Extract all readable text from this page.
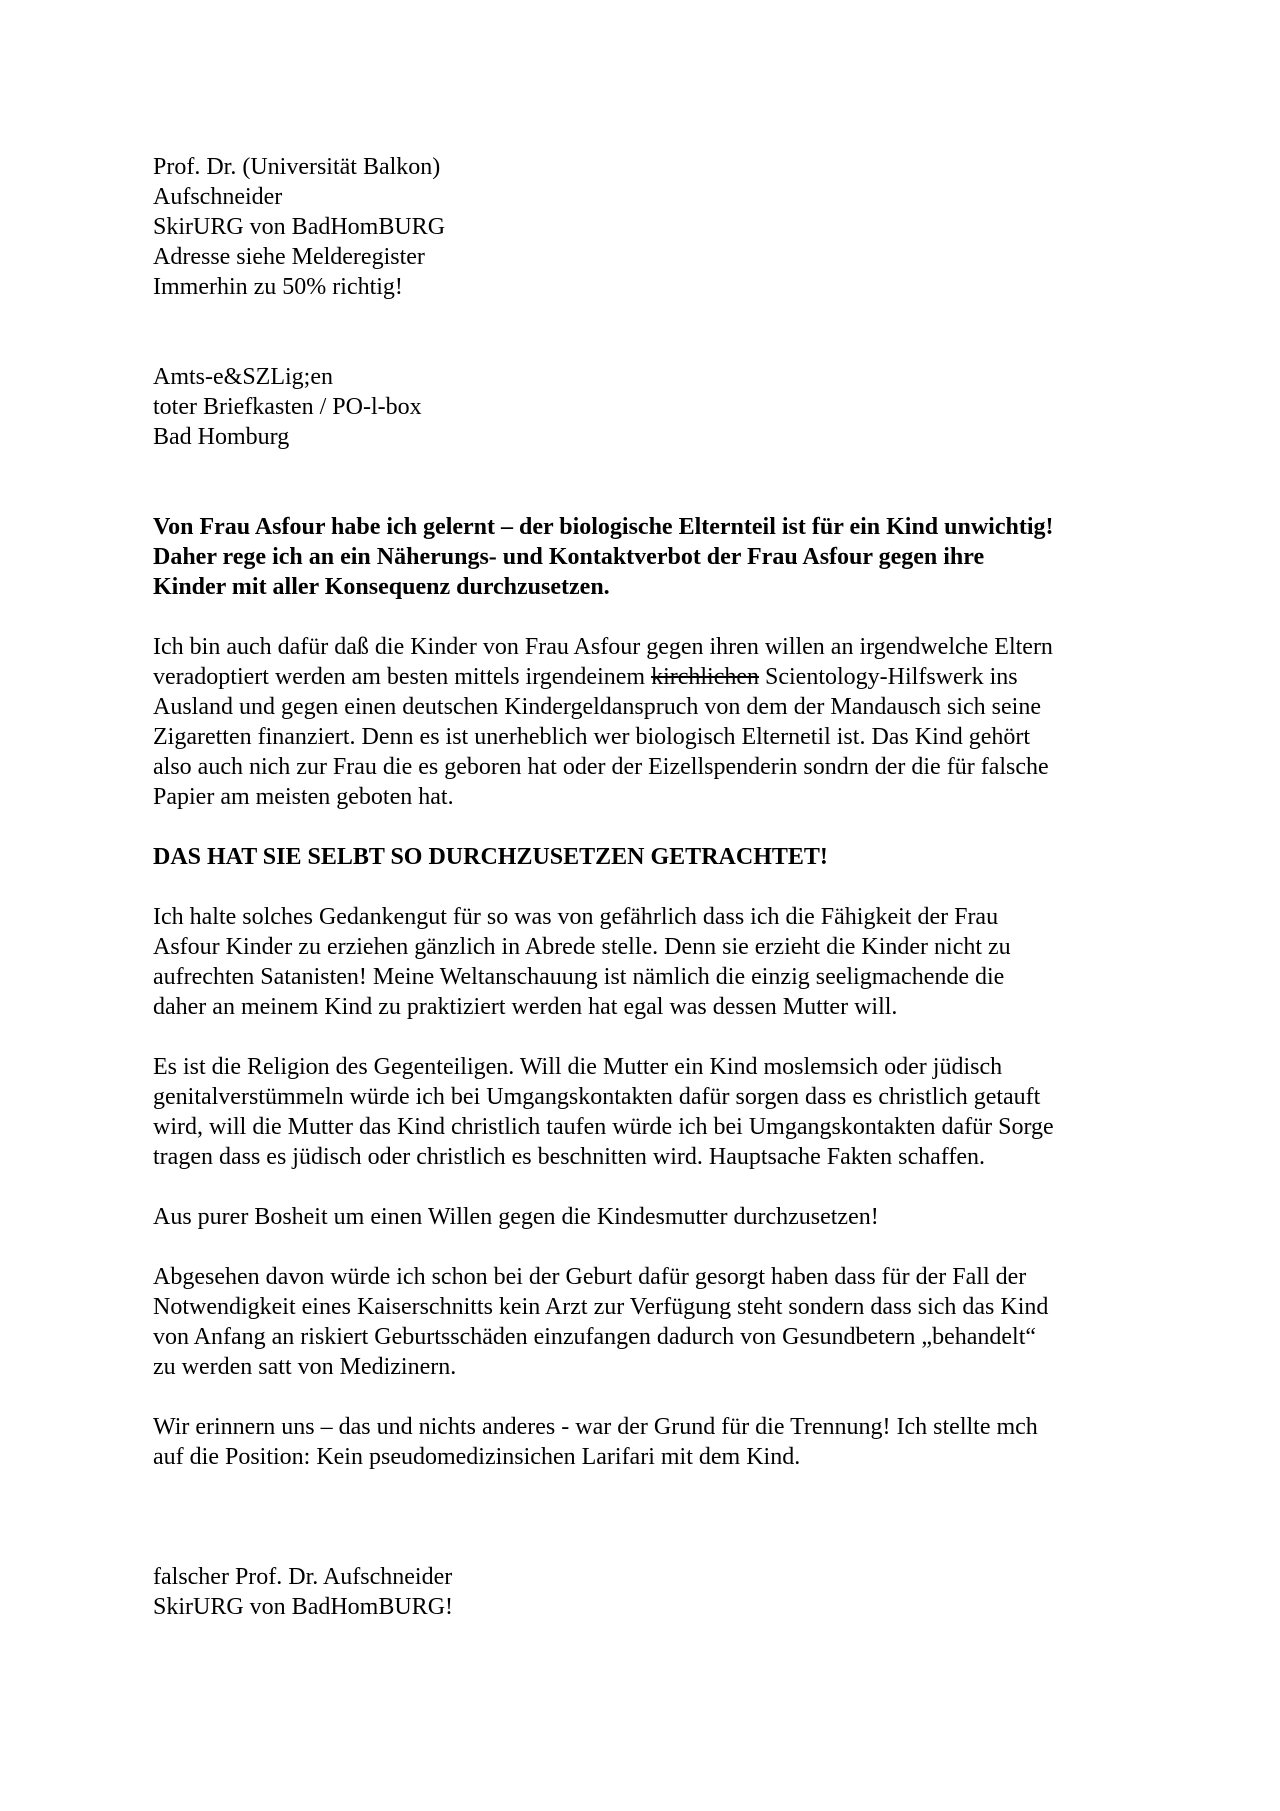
Prof. Dr. (Universität Balkon)
Aufschneider
SkirURG von BadHomBURG
Adresse siehe Melderegister
Immerhin zu 50% richtig!
Amts-e&SZLig;en
toter Briefkasten / PO-l-box
Bad Homburg
Von Frau Asfour habe ich gelernt – der biologische Elternteil ist für ein Kind unwichtig!
Daher rege ich an ein Näherungs- und Kontaktverbot der Frau Asfour gegen ihre
Kinder mit aller Konsequenz durchzusetzen.
Ich bin auch dafür daß die Kinder von Frau Asfour gegen ihren willen an irgendwelche Eltern
veradoptiert werden am besten mittels irgendeinem kirchlichen Scientology-Hilfswerk ins
Ausland und gegen einen deutschen Kindergeldanspruch von dem der Mandausch sich seine
Zigaretten finanziert. Denn es ist unerheblich wer biologisch Elternetil ist. Das Kind gehört
also auch nich zur Frau die es geboren hat oder der Eizellspenderin sondrn der die für falsche
Papier am meisten geboten hat.
DAS HAT SIE SELBT SO DURCHZUSETZEN GETRACHTET!
Ich halte solches Gedankengut für so was von gefährlich dass ich die Fähigkeit der Frau
Asfour Kinder zu erziehen gänzlich in Abrede stelle. Denn sie erzieht die Kinder nicht zu
aufrechten Satanisten! Meine Weltanschauung ist nämlich die einzig seeligmachende die
daher an meinem Kind zu praktiziert werden hat egal was dessen Mutter will.
Es ist die Religion des Gegenteiligen. Will die Mutter ein Kind moslemsich oder jüdisch
genitalverstümmeln würde ich bei Umgangskontakten dafür sorgen dass es christlich getauft
wird, will die Mutter das Kind christlich taufen würde ich bei Umgangskontakten dafür Sorge
tragen dass es jüdisch oder christlich es beschnitten wird. Hauptsache Fakten schaffen.
Aus purer Bosheit um einen Willen gegen die Kindesmutter durchzusetzen!
Abgesehen davon würde ich schon bei der Geburt dafür gesorgt haben dass für der Fall der
Notwendigkeit eines Kaiserschnitts kein Arzt zur Verfügung steht sondern dass sich das Kind
von Anfang an riskiert Geburtsschäden einzufangen dadurch von Gesundbetern „behandelt“
zu werden satt von Medizinern.
Wir erinnern uns – das und nichts anderes - war der Grund für die Trennung! Ich stellte mch
auf die Position: Kein pseudomedizinsichen Larifari mit dem Kind.
falscher Prof. Dr. Aufschneider
SkirURG von BadHomBURG!
